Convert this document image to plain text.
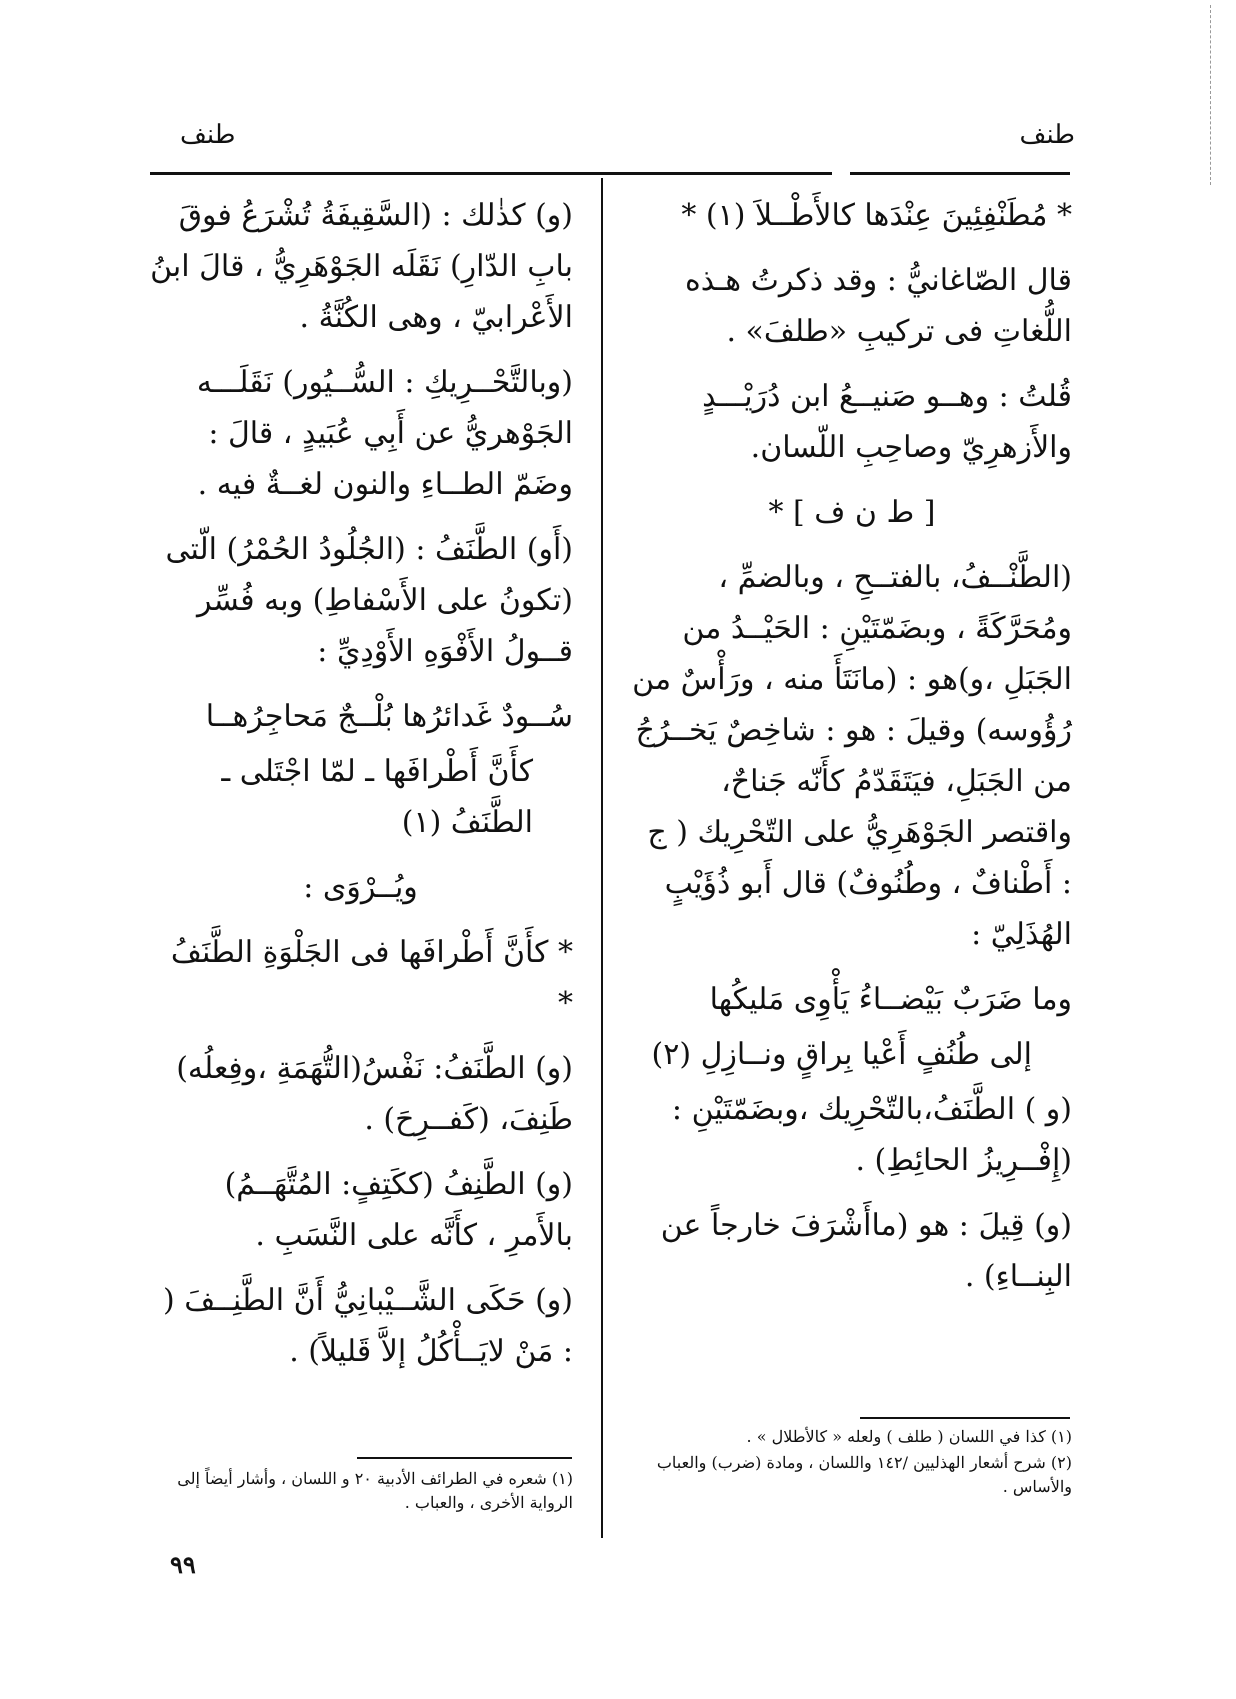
طنف
طنف

* مُطَنْفِئِينَ عِنْدَها كالأَطْــلاَ (١) *

قال الصّاغانيُّ : وقد ذكرتُ هـذه اللُّغاتِ فى تركيبِ «طلفَ» .

قُلتُ : وهــو صَنيــعُ ابن دُرَيْـــدٍ والأَزهرِيّ وصاحِبِ اللّسان.

[ ط ن ف ] *

(الطَّنْــفُ، بالفتــحِ ، وبالضمِّ ، ومُحَرَّكَةً ، وبضَمّتَيْنِ : الحَيْــدُ من الجَبَلِ ،و)هو : (مانَتَأَ منه ، ورَأْسٌ من رُؤُوسه) وقيلَ : هو : شاخِصٌ يَخــرُجُ من الجَبَلِ، فيَتَقَدّمُ كأَنّه جَناحٌ، واقتصر الجَوْهَرِيُّ على التّحْرِيك ( ج : أَطْنافٌ ، وطُنُوفٌ) قال أَبو ذُؤَيْبٍ الهُذَلِيّ :

وما ضَرَبٌ بَيْضــاءُ يَأْوِى مَليكُها

إلى طُنُفٍ أَعْيا بِراقٍ ونــازِلِ (٢)

(و ) الطَّنَفُ،بالتّحْرِيك ،وبضَمّتَيْنِ : (إِفْــرِيزُ الحائِطِ) .

(و) قِيلَ : هو (ماأَشْرَفَ خارجاً عن البِنــاءِ) .

(و) كذٰلك : (السَّقِيفَةُ تُشْرَعُ فوقَ بابِ الدّارِ) نَقَلَه الجَوْهَرِيُّ ، قالَ ابنُ الأَعْرابيّ ، وهى الكُنَّةُ .

(وبالتَّحْــرِيكِ : السُّــيُور) نَقَلَـــه الجَوْهريُّ عن أَبِي عُبَيدٍ ، قالَ : وضَمّ الطــاءِ والنون لغــةٌ فيه .

(أَو) الطَّنَفُ : (الجُلُودُ الحُمْرُ) الّتى (تكونُ على الأَسْفاطِ) وبه فُسِّر قــولُ الأَفْوَهِ الأَوْدِيِّ :

سُــودٌ غَدائرُها بُلْــجٌ مَحاجِرُهــا

كأَنَّ أَطْرافَها ـ لمّا اجْتَلى ـ الطَّنَفُ (١)

ويُــرْوَى :

* كأَنَّ أَطْرافَها فى الجَلْوَةِ الطَّنَفُ *

(و) الطَّنَفُ: نَفْسُ(التُّهَمَةِ ،وفِعلُه) طَنِفَ، (كَفــرِحَ) .

(و) الطَّنِفُ (ككَتِفٍ: المُتَّهَــمُ) بالأَمرِ ، كأَنَّه على النَّسَبِ .

(و) حَكَى الشَّــيْبانِيُّ أَنَّ الطَّنِــفَ ( : مَنْ لايَــأْكُلُ إلاَّ قَليلاً) .

(١) كذا في اللسان ( طلف ) ولعله « كالأطلال » .

(٢) شرح أشعار الهذليين /١٤٢ واللسان ، ومادة (ضرب) والعباب والأساس .

(١) شعره في الطرائف الأدبية ٢٠ و اللسان ، وأشار أيضاً إلى الرواية الأخرى ، والعباب .

٩٩
